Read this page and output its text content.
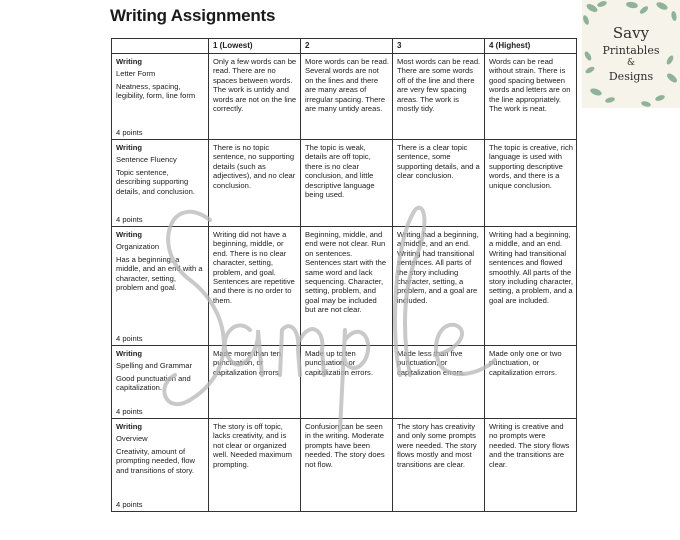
Writing Assignments
	1 (Lowest)	2	3	4 (Highest)

Writing
Letter Form
Neatness, spacing, legibility, form, line form
4 points	Only a few words can be read. There are no spaces between words. The work is untidy and words are not on the line correctly.	More words can be read. Several words are not on the lines and there are many areas of irregular spacing. There are many untidy areas.	Most words can be read. There are some words off of the line and there are very few spacing areas. The work is mostly tidy.	Words can be read without strain. There is good spacing between words and letters are on the line appropriately. The work is neat.

Writing
Sentence Fluency
Topic sentence, describing supporting details, and conclusion.
4 points	There is no topic sentence, no supporting details (such as adjectives), and no clear conclusion.	The topic is weak, details are off topic, there is no clear conclusion, and little descriptive language being used.	There is a clear topic sentence, some supporting details, and a clear conclusion.	The topic is creative, rich language is used with supporting descriptive words, and there is a unique conclusion.

Writing
Organization
Has a beginning, a middle, and an end with a character, setting, problem and goal.
4 points	Writing did not have a beginning, middle, or end. There is no clear character, setting, problem, and goal. Sentences are repetitive and there is no order to them.	Beginning, middle, and end were not clear. Run on sentences. Sentences start with the same word and lack sequencing. Character, setting, problem, and goal may be included but are not clear.	Writing had a beginning, a middle, and an end. Writing had transitional sentences. All parts of the story including character, setting, a problem, and a goal are included.	Writing had a beginning, a middle, and an end. Writing had transitional sentences and flowed smoothly. All parts of the story including character, setting, a problem, and a goal are included.

Writing
Spelling and Grammar
Good punctuation and capitalization.
4 points	Made more than ten punctuation, or capitalization errors.	Made up to ten punctuation, or capitalization errors.	Made less than five punctuation, or capitalization errors.	Made only one or two punctuation, or capitalization errors.

Writing
Overview
Creativity, amount of prompting needed, flow and transitions of story.
4 points	The story is off topic, lacks creativity, and is not clear or organized well. Needed maximum prompting.	Confusion can be seen in the writing. Moderate prompts have been needed. The story does not flow.	The story has creativity and only some prompts were needed. The story flows mostly and most transitions are clear.	Writing is creative and no prompts were needed. The story flows and the transitions are clear.
Savy
Printables
&
Designs
